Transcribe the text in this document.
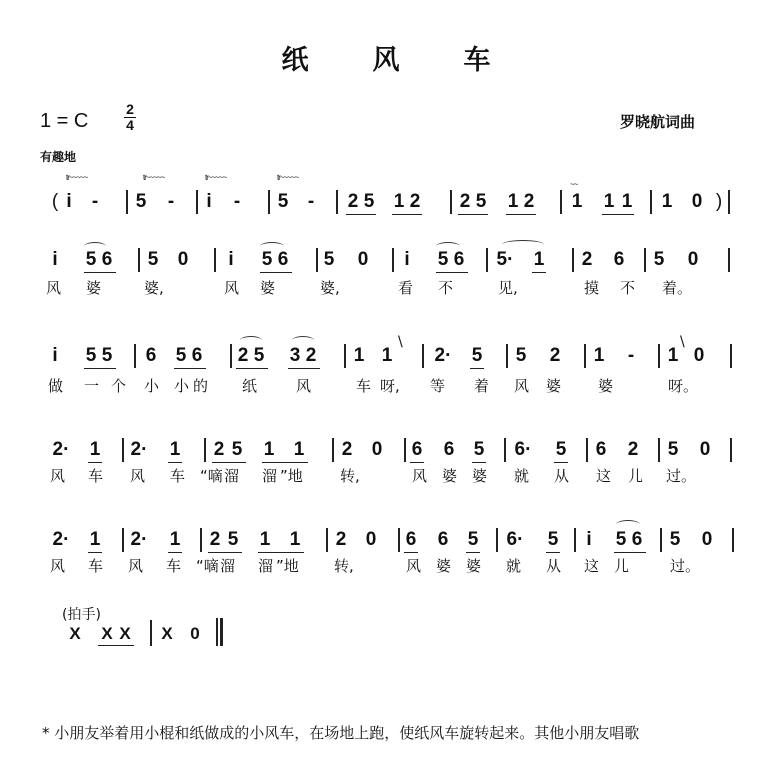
纸 风 车
1 = C
2
4	罗晓航词曲
有趣地
tr~~~~~	tr~~~~~	tr~~~~~	tr~~~~~
( i - 5 - i - 5 - 2 5 1 2 2 5 1 2
~~
1 1 1 1 0 )
i 5 6 5 0 i 5 6 5 0 i 5 6 5· 1 2 6 5 0
风 婆	婆,	风 婆	婆,	看 不	见,	摸 不 着。
i 5 5 6 5 6 2 5 3 2 1 1
\
2· 5 5 2 1 - 1
\
0
做 一个 小 小的 纸	风	车 呀, 等 着 风 婆 婆	呀。
2· 1 2· 1 2 5 1 1 2 0 6 6 5 6· 5 6 2 5 0
风 车 风 车 “嘀 溜 溜 ”地 转,	风 婆 婆 就 从 这 儿 过。
2· 1 2· 1 2 5 1 1 2 0 6 6 5 6· 5 i 5 6 5 0
风 车 风 车 “嘀 溜 溜 ”地 转,	风 婆 婆 就 从 这 儿	过。
(拍手)
X X X X 0
* 小朋友举着用小棍和纸做成的小风车，在场地上跑，使纸风车旋转起来。其他小朋友唱歌
